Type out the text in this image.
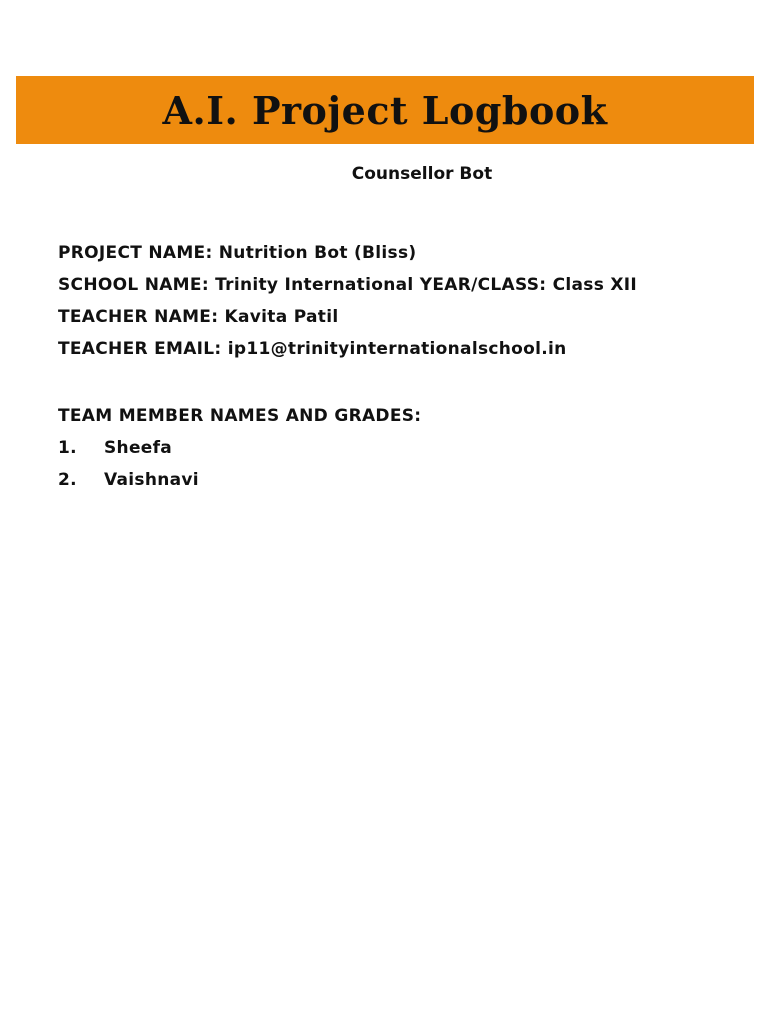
A.I. Project Logbook
Counsellor Bot
PROJECT NAME: Nutrition Bot (Bliss)
SCHOOL NAME: Trinity International YEAR/CLASS: Class XII
TEACHER NAME: Kavita Patil
TEACHER EMAIL: ip11@trinityinternationalschool.in
TEAM MEMBER NAMES AND GRADES:
1. Sheefa
2. Vaishnavi
